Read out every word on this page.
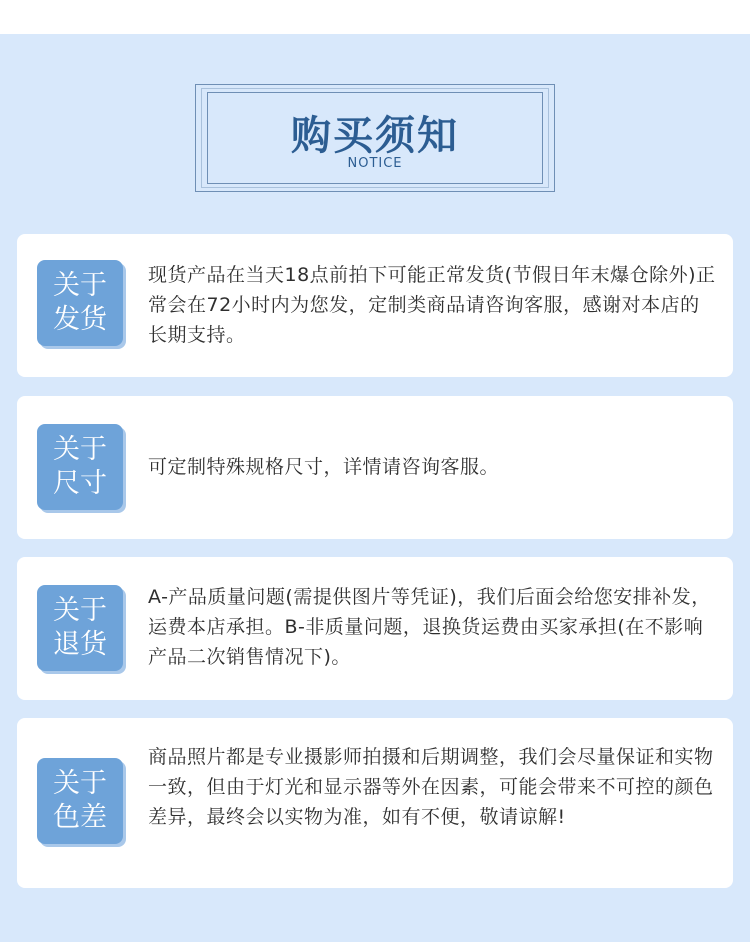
购买须知
NOTICE
关于
发货
现货产品在当天18点前拍下可能正常发货(节假日年末爆仓除外)正常会在72小时内为您发，定制类商品请咨询客服，感谢对本店的长期支持。
关于
尺寸
可定制特殊规格尺寸，详情请咨询客服。
关于
退货
A-产品质量问题(需提供图片等凭证)，我们后面会给您安排补发，运费本店承担。B-非质量问题，退换货运费由买家承担(在不影响产品二次销售情况下)。
关于
色差
商品照片都是专业摄影师拍摄和后期调整，我们会尽量保证和实物一致，但由于灯光和显示器等外在因素，可能会带来不可控的颜色差异，最终会以实物为准，如有不便，敬请谅解!
